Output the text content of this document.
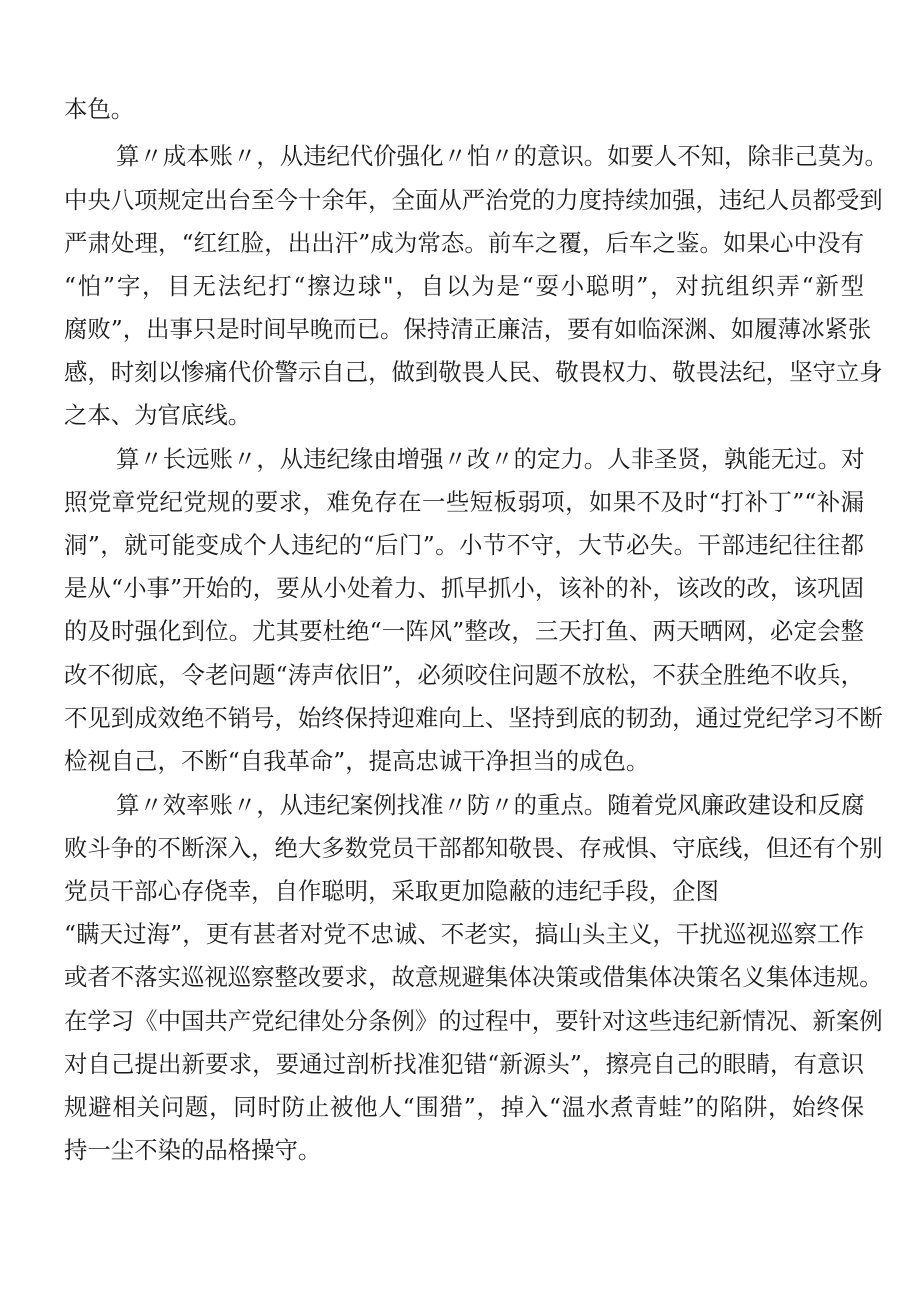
本色。
算〃成本账〃，从违纪代价强化〃怕〃的意识。如要人不知，除非己莫为。
中央八项规定出台至今十余年，全面从严治党的力度持续加强，违纪人员都受到
严肃处理，“红红脸，出出汗”成为常态。前车之覆，后车之鉴。如果心中没有
“怕”字，目无法纪打“擦边球"，自以为是“耍小聪明”，对抗组织弄“新型
腐败”，出事只是时间早晚而已。保持清正廉洁，要有如临深渊、如履薄冰紧张
感，时刻以惨痛代价警示自己，做到敬畏人民、敬畏权力、敬畏法纪，坚守立身
之本、为官底线。
算〃长远账〃，从违纪缘由增强〃改〃的定力。人非圣贤，孰能无过。对
照党章党纪党规的要求，难免存在一些短板弱项，如果不及时“打补丁”“补漏
洞”，就可能变成个人违纪的“后门”。小节不守，大节必失。干部违纪往往都
是从“小事”开始的，要从小处着力、抓早抓小，该补的补，该改的改，该巩固
的及时强化到位。尤其要杜绝“一阵风”整改，三天打鱼、两天晒网，必定会整
改不彻底，令老问题“涛声依旧”，必须咬住问题不放松，不获全胜绝不收兵，
不见到成效绝不销号，始终保持迎难向上、坚持到底的韧劲，通过党纪学习不断
检视自己，不断“自我革命”，提高忠诚干净担当的成色。
算〃效率账〃，从违纪案例找准〃防〃的重点。随着党风廉政建设和反腐
败斗争的不断深入，绝大多数党员干部都知敬畏、存戒惧、守底线，但还有个别
党员干部心存侥幸，自作聪明，采取更加隐蔽的违纪手段，企图
“瞒天过海”，更有甚者对党不忠诚、不老实，搞山头主义，干扰巡视巡察工作
或者不落实巡视巡察整改要求，故意规避集体决策或借集体决策名义集体违规。
在学习《中国共产党纪律处分条例》的过程中，要针对这些违纪新情况、新案例
对自己提出新要求，要通过剖析找准犯错“新源头”，擦亮自己的眼睛，有意识
规避相关问题，同时防止被他人“围猎”，掉入“温水煮青蛙”的陷阱，始终保
持一尘不染的品格操守。
